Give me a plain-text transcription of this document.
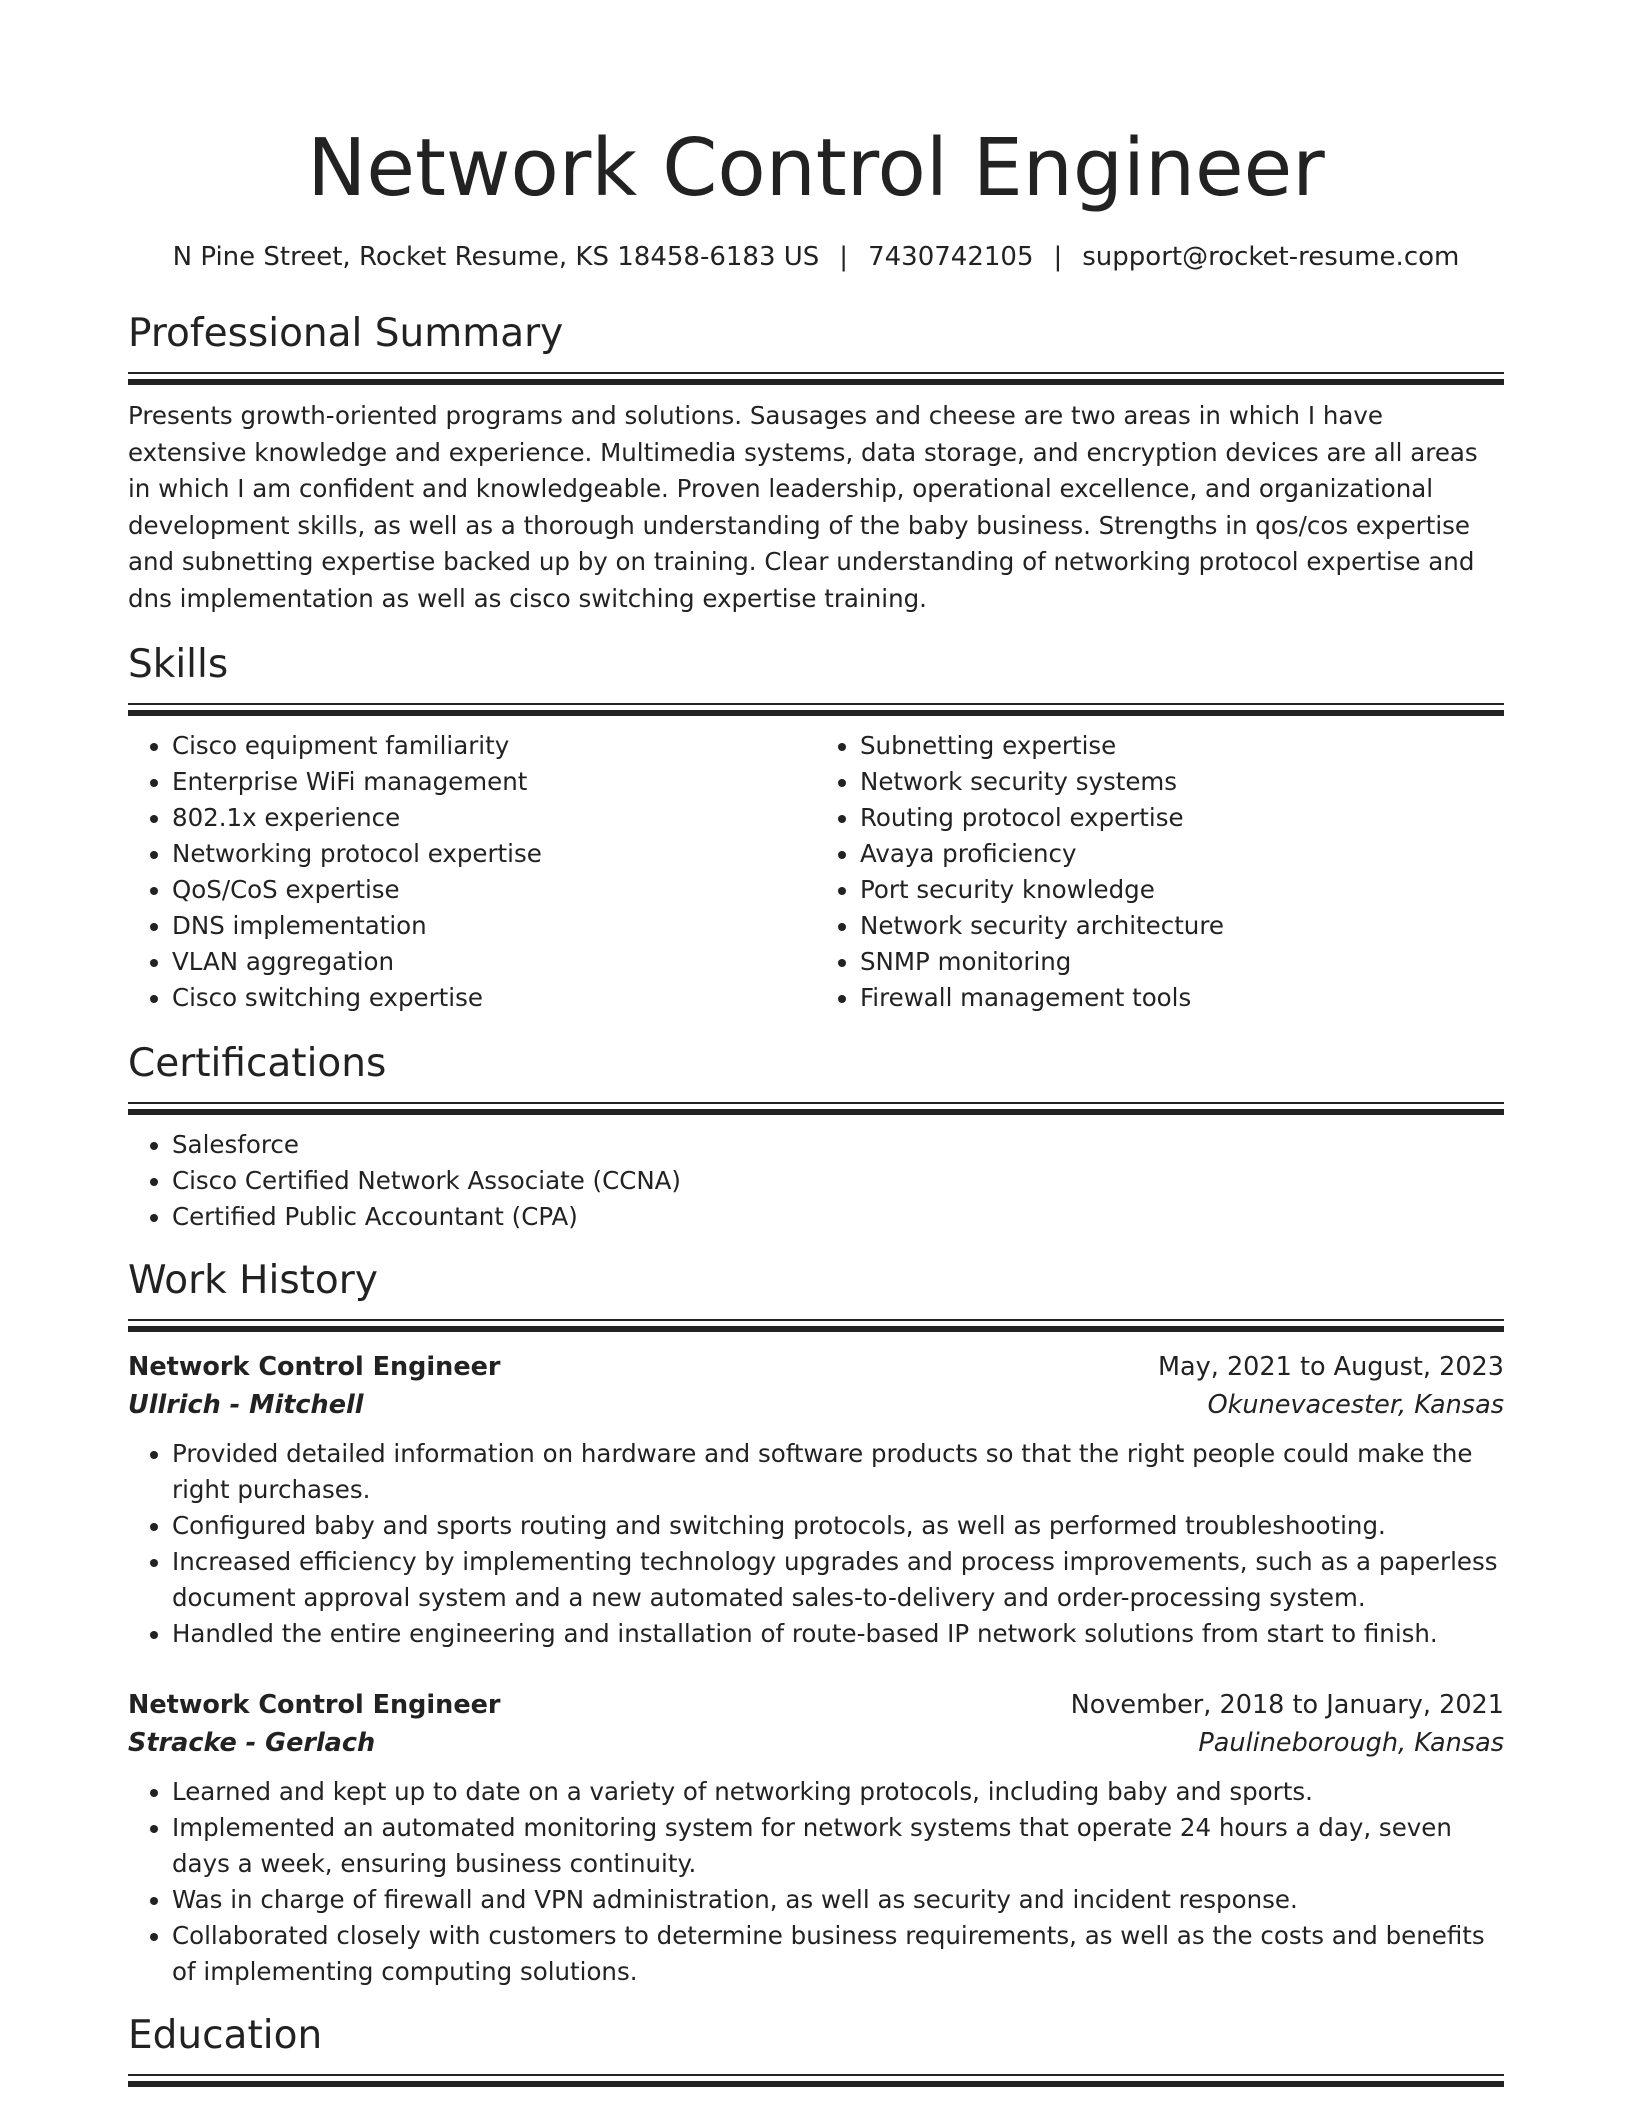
Network Control Engineer
N Pine Street, Rocket Resume, KS 18458-6183 US | 7430742105 | support@rocket-resume.com
Professional Summary

Presents growth-oriented programs and solutions. Sausages and cheese are two areas in which I have extensive knowledge and experience. Multimedia systems, data storage, and encryption devices are all areas in which I am confident and knowledgeable. Proven leadership, operational excellence, and organizational development skills, as well as a thorough understanding of the baby business. Strengths in qos/cos expertise and subnetting expertise backed up by on training. Clear understanding of networking protocol expertise and dns implementation as well as cisco switching expertise training.

Skills
• Cisco equipment familiarity
• Enterprise WiFi management
• 802.1x experience
• Networking protocol expertise
• QoS/CoS expertise
• DNS implementation
• VLAN aggregation
• Cisco switching expertise
• Subnetting expertise
• Network security systems
• Routing protocol expertise
• Avaya proficiency
• Port security knowledge
• Network security architecture
• SNMP monitoring
• Firewall management tools
Certifications
• Salesforce
• Cisco Certified Network Associate (CCNA)
• Certified Public Accountant (CPA)
Work History
Network Control Engineer	May, 2021 to August, 2023
Ullrich - Mitchell	Okunevacester, Kansas
• Provided detailed information on hardware and software products so that the right people could make the right purchases.
• Configured baby and sports routing and switching protocols, as well as performed troubleshooting.
• Increased efficiency by implementing technology upgrades and process improvements, such as a paperless document approval system and a new automated sales-to-delivery and order-processing system.
• Handled the entire engineering and installation of route-based IP network solutions from start to finish.
Network Control Engineer	November, 2018 to January, 2021
Stracke - Gerlach	Paulineborough, Kansas
• Learned and kept up to date on a variety of networking protocols, including baby and sports.
• Implemented an automated monitoring system for network systems that operate 24 hours a day, seven days a week, ensuring business continuity.
• Was in charge of firewall and VPN administration, as well as security and incident response.
• Collaborated closely with customers to determine business requirements, as well as the costs and benefits of implementing computing solutions.
Education
